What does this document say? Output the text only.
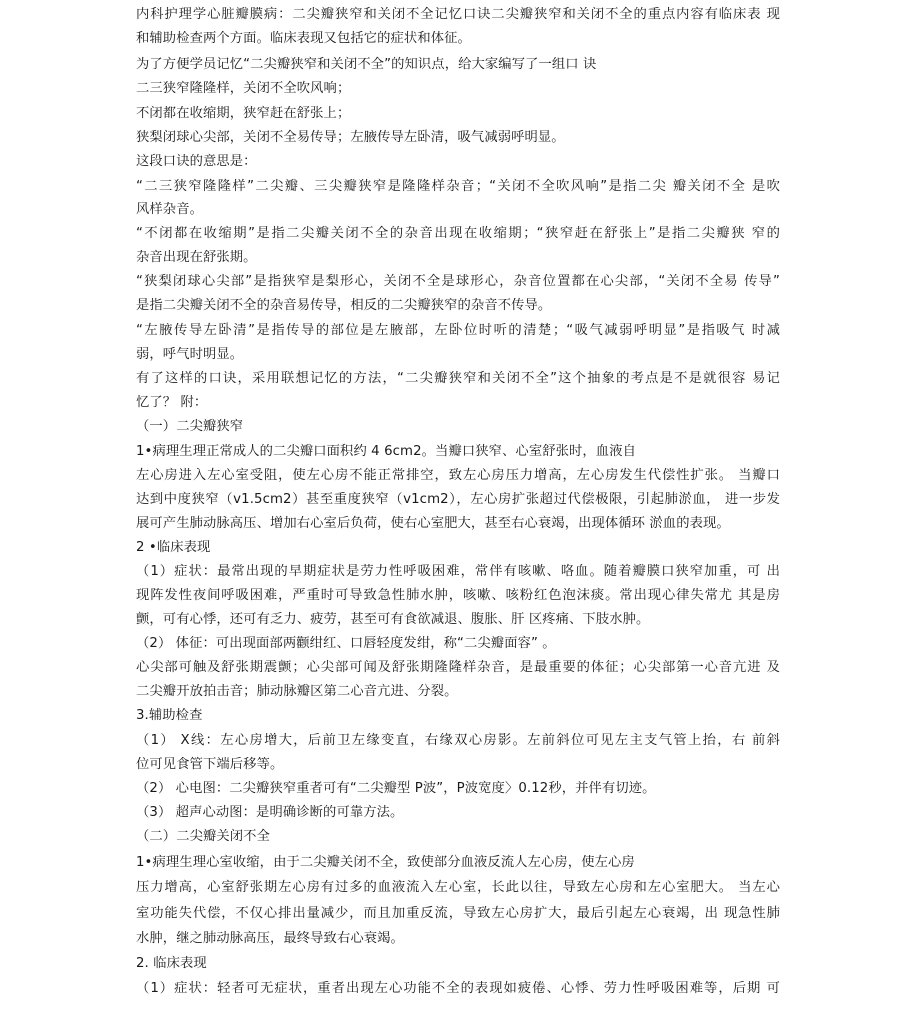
内科护理学心脏瓣膜病：二尖瓣狭窄和关闭不全记忆口诀二尖瓣狭窄和关闭不全的重点内容有临床表 现
和辅助检查两个方面。临床表现又包括它的症状和体征。
为了方便学员记忆“二尖瓣狭窄和关闭不全”的知识点，给大家编写了一组口 诀
二三狭窄隆隆样，关闭不全吹风响；
不闭都在收缩期，狭窄赶在舒张上；
狭梨闭球心尖部，关闭不全易传导；左腋传导左卧清，吸气减弱呼明显。
这段口诀的意思是：
“二三狭窄隆隆样”二尖瓣、三尖瓣狭窄是隆隆样杂音；“关闭不全吹风响”是指二尖 瓣关闭不全 是吹
风样杂音。
“不闭都在收缩期”是指二尖瓣关闭不全的杂音出现在收缩期；“狭窄赶在舒张上”是指二尖瓣狭 窄的
杂音出现在舒张期。
“狭梨闭球心尖部”是指狭窄是梨形心，关闭不全是球形心，杂音位置都在心尖部，“关闭不全易 传导”
是指二尖瓣关闭不全的杂音易传导，相反的二尖瓣狭窄的杂音不传导。
“左腋传导左卧清”是指传导的部位是左腋部，左卧位时听的清楚；“吸气减弱呼明显”是指吸气 时减
弱，呼气时明显。
有了这样的口诀，采用联想记忆的方法，“二尖瓣狭窄和关闭不全”这个抽象的考点是不是就很容 易记
忆了？ 附：
（一）二尖瓣狭窄
1•病理生理正常成人的二尖瓣口面积约 4 6cm2。当瓣口狭窄、心室舒张时，血液自
左心房进入左心室受阻，使左心房不能正常排空，致左心房压力增高，左心房发生代偿性扩张。 当瓣口
达到中度狭窄（v1.5cm2）甚至重度狭窄（v1cm2），左心房扩张超过代偿极限，引起肺淤血， 进一步发
展可产生肺动脉高压、增加右心室后负荷，使右心室肥大，甚至右心衰竭，出现体循环 淤血的表现。
2 •临床表现
（1）症状：最常出现的早期症状是劳力性呼吸困难，常伴有咳嗽、咯血。随着瓣膜口狭窄加重，可 出
现阵发性夜间呼吸困难，严重时可导致急性肺水肿，咳嗽、咳粉红色泡沫痰。常出现心律失常尤 其是房
颤，可有心悸，还可有乏力、疲劳，甚至可有食欲减退、腹胀、肝 区疼痛、下肢水肿。
（2） 体征：可出现面部两颧绀红、口唇轻度发绀，称“二尖瓣面容” 。
心尖部可触及舒张期震颤；心尖部可闻及舒张期隆隆样杂音，是最重要的体征；心尖部第一心音亢进 及
二尖瓣开放拍击音；肺动脉瓣区第二心音亢进、分裂。
3.辅助检查
（1） X线：左心房增大，后前卫左缘变直，右缘双心房影。左前斜位可见左主支气管上抬，右 前斜
位可见食管下端后移等。
（2） 心电图：二尖瓣狭窄重者可有“二尖瓣型 P波”，P波宽度〉0.12秒，并伴有切迹。
（3） 超声心动图：是明确诊断的可靠方法。
（二）二尖瓣关闭不全
1•病理生理心室收缩，由于二尖瓣关闭不全，致使部分血液反流人左心房，使左心房
压力增高，心室舒张期左心房有过多的血液流入左心室，长此以往，导致左心房和左心室肥大。 当左心
室功能失代偿，不仅心排出量减少，而且加重反流，导致左心房扩大，最后引起左心衰竭，出 现急性肺
水肿，继之肺动脉高压，最终导致右心衰竭。
2. 临床表现
（1）症状：轻者可无症状，重者出现左心功能不全的表现如疲倦、心悸、劳力性呼吸困难等，后期 可
